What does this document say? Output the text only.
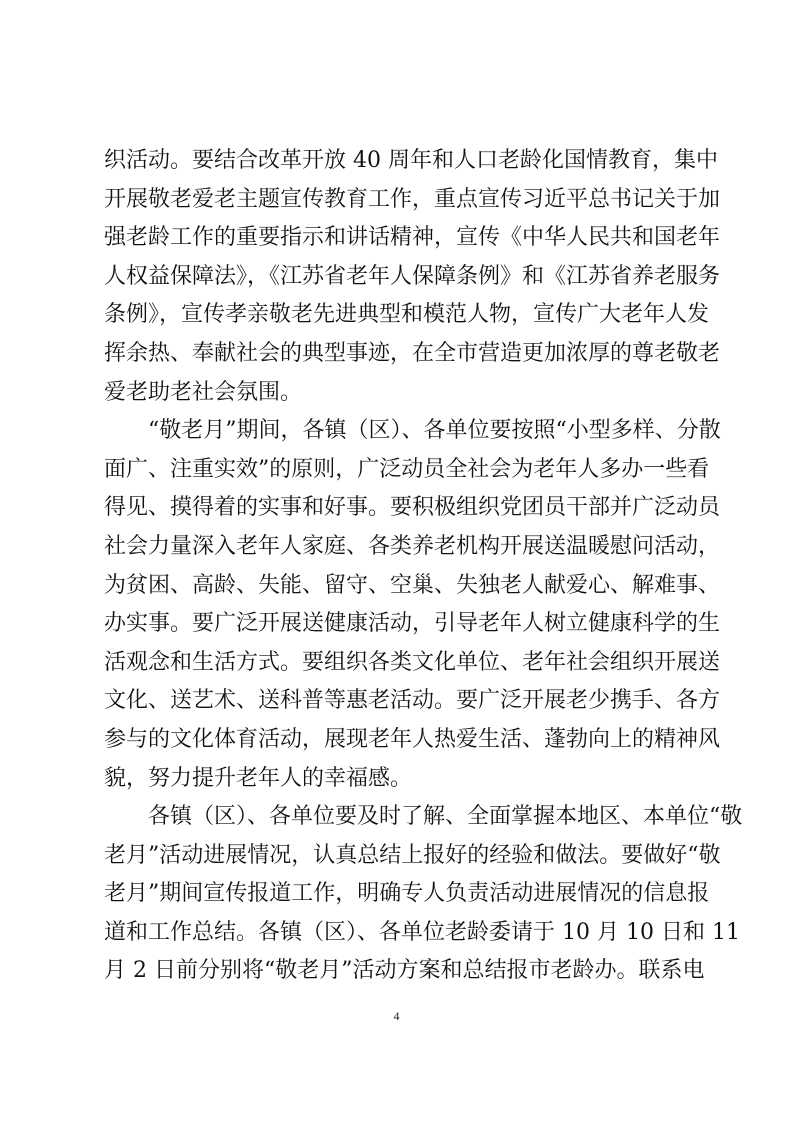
织活动。要结合改革开放 40 周年和人口老龄化国情教育，集中
开展敬老爱老主题宣传教育工作，重点宣传习近平总书记关于加
强老龄工作的重要指示和讲话精神，宣传《中华人民共和国老年
人权益保障法》，《江苏省老年人保障条例》和《江苏省养老服务
条例》，宣传孝亲敬老先进典型和模范人物，宣传广大老年人发
挥余热、奉献社会的典型事迹，在全市营造更加浓厚的尊老敬老
爱老助老社会氛围。
“敬老月”期间，各镇（区）、各单位要按照“小型多样、分散
面广、注重实效”的原则，广泛动员全社会为老年人多办一些看
得见、摸得着的实事和好事。要积极组织党团员干部并广泛动员
社会力量深入老年人家庭、各类养老机构开展送温暖慰问活动，
为贫困、高龄、失能、留守、空巢、失独老人献爱心、解难事、
办实事。要广泛开展送健康活动，引导老年人树立健康科学的生
活观念和生活方式。要组织各类文化单位、老年社会组织开展送
文化、送艺术、送科普等惠老活动。要广泛开展老少携手、各方
参与的文化体育活动，展现老年人热爱生活、蓬勃向上的精神风
貌，努力提升老年人的幸福感。
各镇（区）、各单位要及时了解、全面掌握本地区、本单位“敬
老月”活动进展情况，认真总结上报好的经验和做法。要做好“敬
老月”期间宣传报道工作，明确专人负责活动进展情况的信息报
道和工作总结。各镇（区）、各单位老龄委请于 10 月 10 日和 11
月 2 日前分别将“敬老月”活动方案和总结报市老龄办。联系电
4
